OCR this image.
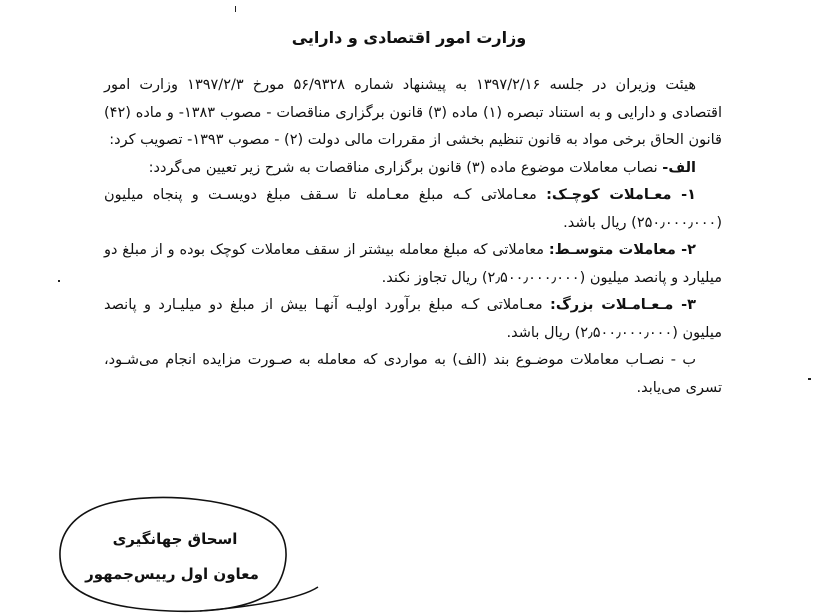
وزارت امور اقتصادی و دارایی

هیئت وزیران در جلسه ۱۳۹۷/۲/۱۶ به پیشنهاد شماره ۵۶/۹۳۲۸ مورخ ۱۳۹۷/۲/۳ وزارت امور اقتصادی و دارایی و به استناد تبصره (۱) ماده (۳) قانون برگزاری مناقصات - مصوب ۱۳۸۳- و ماده (۴۲) قانون الحاق برخی مواد به قانون تنظیم بخشی از مقررات مالی دولت (۲) - مصوب ۱۳۹۳- تصویب کرد:

الف- نصاب معاملات موضوع ماده (۳) قانون برگزاری مناقصات به شرح زیر تعیین می‌گردد:

۱- معـاملات کوچـک: معـاملاتی کـه مبلغ معـامله تا سـقف مبلغ دویسـت و پنجاه میلیون (۲۵۰٫۰۰۰٫۰۰۰) ریال باشد.

۲- معاملات متوسـط: معاملاتی که مبلغ معامله بیشتر از سقف معاملات کوچک بوده و از مبلغ دو میلیارد و پانصد میلیون (۲٫۵۰۰٫۰۰۰٫۰۰۰) ریال تجاوز نکند.

۳- مـعـامـلات بزرگ: معـاملاتی کـه مبلغ برآورد اولیـه آنهـا بیش از مبلغ دو میلیـارد و پانصد میلیون (۲٫۵۰۰٫۰۰۰٫۰۰۰) ریال باشد.

ب - نصـاب معاملات موضـوع بند (الف) به مواردی که معامله به صـورت مزایده انجام می‌شـود، تسری می‌یابد.

اسحاق جهانگیری
معاون اول رییس‌جمهور
